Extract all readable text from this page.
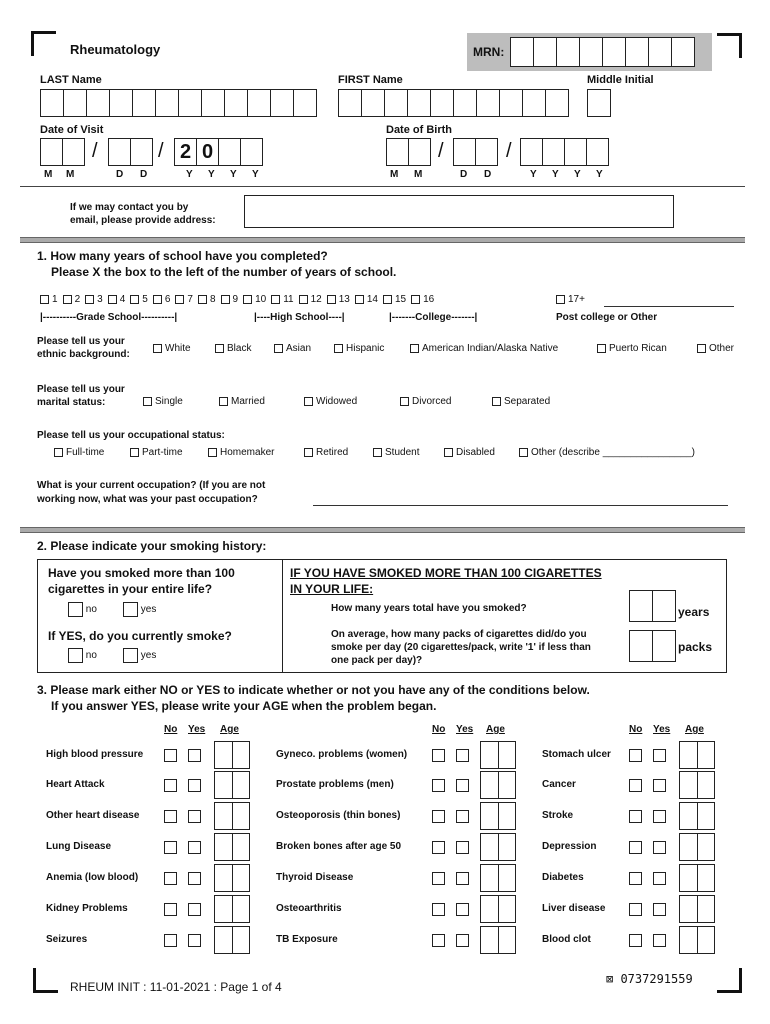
Rheumatology	MRN:
LAST Name	FIRST Name	Middle Initial
Date of Visit	Date of Birth
/	/ 2 0
M M	D D	Y Y Y Y
/	/
M M	D D	Y Y Y Y
If we may contact you by
email, please provide address:
1. How many years of school have you completed?
Please X the box to the left of the number of years of school.
1 2 3 4 5 6 7 8 9 10 11 12 13 14 15 16	17+
|----------Grade School----------|	|----High School----|	|-------College-------|	Post college or Other
Please tell us your
ethnic background:
White	Black	Asian	Hispanic	American Indian/Alaska Native	Puerto Rican	Other
Please tell us your
marital status:	Single	Married	Widowed	Divorced	Separated
Please tell us your occupational status:
Full-time	Part-time	Homemaker	Retired	Student	Disabled	Other (describe ________________)
What is your current occupation? (If you are not
working now, what was your past occupation?
2. Please indicate your smoking history:
Have you smoked more than 100
cigarettes in your entire life?
no	yes
If YES, do you currently smoke?
no	yes
IF YOU HAVE SMOKED MORE THAN 100 CIGARETTES
IN YOUR LIFE:
How many years total have you smoked?	years
On average, how many packs of cigarettes did/do you
smoke per day (20 cigarettes/pack, write '1' if less than
one pack per day)?
packs
3. Please mark either NO or YES to indicate whether or not you have any of the conditions below.
If you answer YES, please write your AGE when the problem began.
No Yes Age
High blood pressure
Heart Attack
Other heart disease
Lung Disease
Anemia (low blood)
Kidney Problems
Seizures
No Yes Age
Gyneco. problems (women)
Prostate problems (men)
Osteoporosis (thin bones)
Broken bones after age 50
Thyroid Disease
Osteoarthritis
TB Exposure
No Yes Age
Stomach ulcer
Cancer
Stroke
Depression
Diabetes
Liver disease
Blood clot
RHEUM INIT : 11-01-2021 : Page 1 of 4
⊠ 0737291559
